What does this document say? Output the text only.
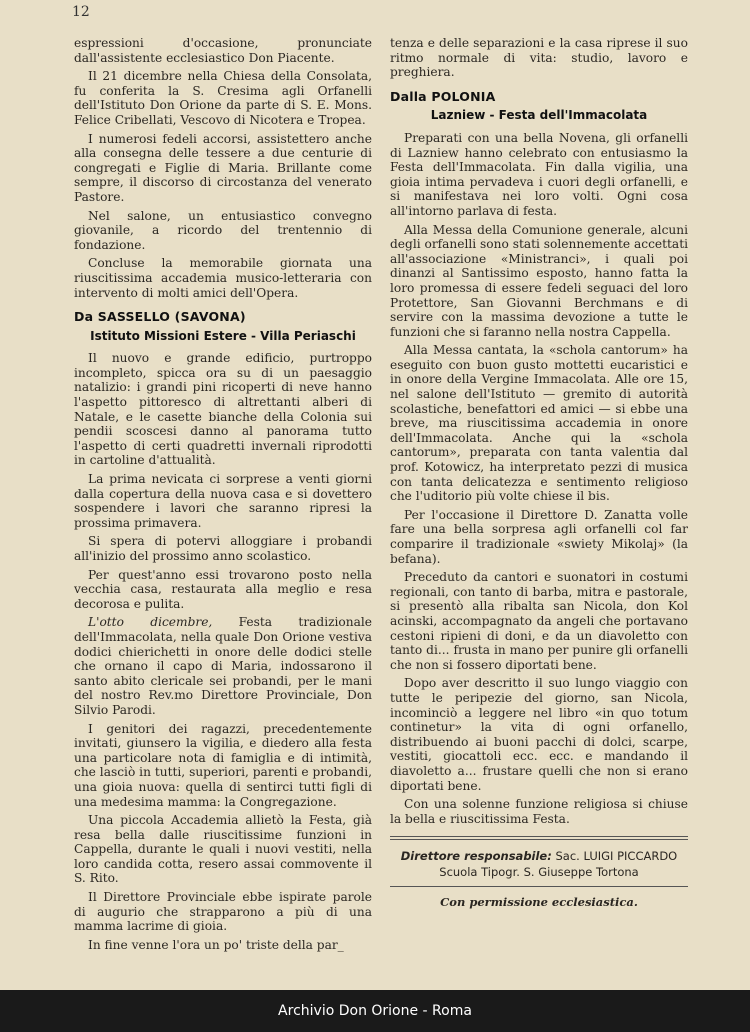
12

espressioni d'occasione, pronunciate dall'assistente ecclesiastico Don Piacente.

Il 21 dicembre nella Chiesa della Consolata, fu conferita la S. Cresima agli Orfanelli dell'Istituto Don Orione da parte di S. E. Mons. Felice Cribellati, Vescovo di Nicotera e Tropea.

I numerosi fedeli accorsi, assistettero anche alla consegna delle tessere a due centurie di congregati e Figlie di Maria. Brillante come sempre, il discorso di circostanza del venerato Pastore.

Nel salone, un entusiastico convegno giovanile, a ricordo del trentennio di fondazione.

Concluse la memorabile giornata una riuscitissima accademia musico-letteraria con intervento di molti amici dell'Opera.

Da SASSELLO (SAVONA)
Istituto Missioni Estere - Villa Periaschi

Il nuovo e grande edificio, purtroppo incompleto, spicca ora su di un paesaggio natalizio: i grandi pini ricoperti di neve hanno l'aspetto pittoresco di altrettanti alberi di Natale, e le casette bianche della Colonia sui pendii scoscesi danno al panorama tutto l'aspetto di certi quadretti invernali riprodotti in cartoline d'attualità.

La prima nevicata ci sorprese a venti giorni dalla copertura della nuova casa e si dovettero sospendere i lavori che saranno ripresi la prossima primavera.

Si spera di potervi alloggiare i probandi all'inizio del prossimo anno scolastico.

Per quest'anno essi trovarono posto nella vecchia casa, restaurata alla meglio e resa decorosa e pulita.

L'otto dicembre, Festa tradizionale dell'Immacolata, nella quale Don Orione vestiva dodici chierichetti in onore delle dodici stelle che ornano il capo di Maria, indossarono il santo abito clericale sei probandi, per le mani del nostro Rev.mo Direttore Provinciale, Don Silvio Parodi.

I genitori dei ragazzi, precedentemente invitati, giunsero la vigilia, e diedero alla festa una particolare nota di famiglia e di intimità, che lasciò in tutti, superiori, parenti e probandi, una gioia nuova: quella di sentirci tutti figli di una medesima mamma: la Congregazione.

Una piccola Accademia allietò la Festa, già resa bella dalle riuscitissime funzioni in Cappella, durante le quali i nuovi vestiti, nella loro candida cotta, resero assai commovente il S. Rito.

Il Direttore Provinciale ebbe ispirate parole di augurio che strapparono a più di una mamma lacrime di gioia.

In fine venne l'ora un po' triste della par_

tenza e delle separazioni e la casa riprese il suo ritmo normale di vita: studio, lavoro e preghiera.

Dalla POLONIA
Lazniew - Festa dell'Immacolata

Preparati con una bella Novena, gli orfanelli di Lazniew hanno celebrato con entusiasmo la Festa dell'Immacolata. Fin dalla vigilia, una gioia intima pervadeva i cuori degli orfanelli, e si manifestava nei loro volti. Ogni cosa all'intorno parlava di festa.

Alla Messa della Comunione generale, alcuni degli orfanelli sono stati solennemente accettati all'associazione «Ministranci», i quali poi dinanzi al Santissimo esposto, hanno fatta la loro promessa di essere fedeli seguaci del loro Protettore, San Giovanni Berchmans e di servire con la massima devozione a tutte le funzioni che si faranno nella nostra Cappella.

Alla Messa cantata, la «schola cantorum» ha eseguito con buon gusto mottetti eucaristici e in onore della Vergine Immacolata. Alle ore 15, nel salone dell'Istituto — gremito di autorità scolastiche, benefattori ed amici — si ebbe una breve, ma riuscitissima accademia in onore dell'Immacolata. Anche qui la «schola cantorum», preparata con tanta valentia dal prof. Kotowicz, ha interpretato pezzi di musica con tanta delicatezza e sentimento religioso che l'uditorio più volte chiese il bis.

Per l'occasione il Direttore D. Zanatta volle fare una bella sorpresa agli orfanelli col far comparire il tradizionale «swiety Mikolaj» (la befana).

Preceduto da cantori e suonatori in costumi regionali, con tanto di barba, mitra e pastorale, si presentò alla ribalta san Nicola, don Kol acinski, accompagnato da angeli che portavano cestoni ripieni di doni, e da un diavoletto con tanto di... frusta in mano per punire gli orfanelli che non si fossero diportati bene.

Dopo aver descritto il suo lungo viaggio con tutte le peripezie del giorno, san Nicola, incominciò a leggere nel libro «in quo totum continetur» la vita di ogni orfanello, distribuendo ai buoni pacchi di dolci, scarpe, vestiti, giocattoli ecc. ecc. e mandando il diavoletto a... frustare quelli che non si erano diportati bene.

Con una solenne funzione religiosa si chiuse la bella e riuscitissima Festa.

Direttore responsabile: Sac. LUIGI PICCARDO
Scuola Tipogr. S. Giuseppe Tortona
Con permissione ecclesiastica.
Archivio Don Orione - Roma
